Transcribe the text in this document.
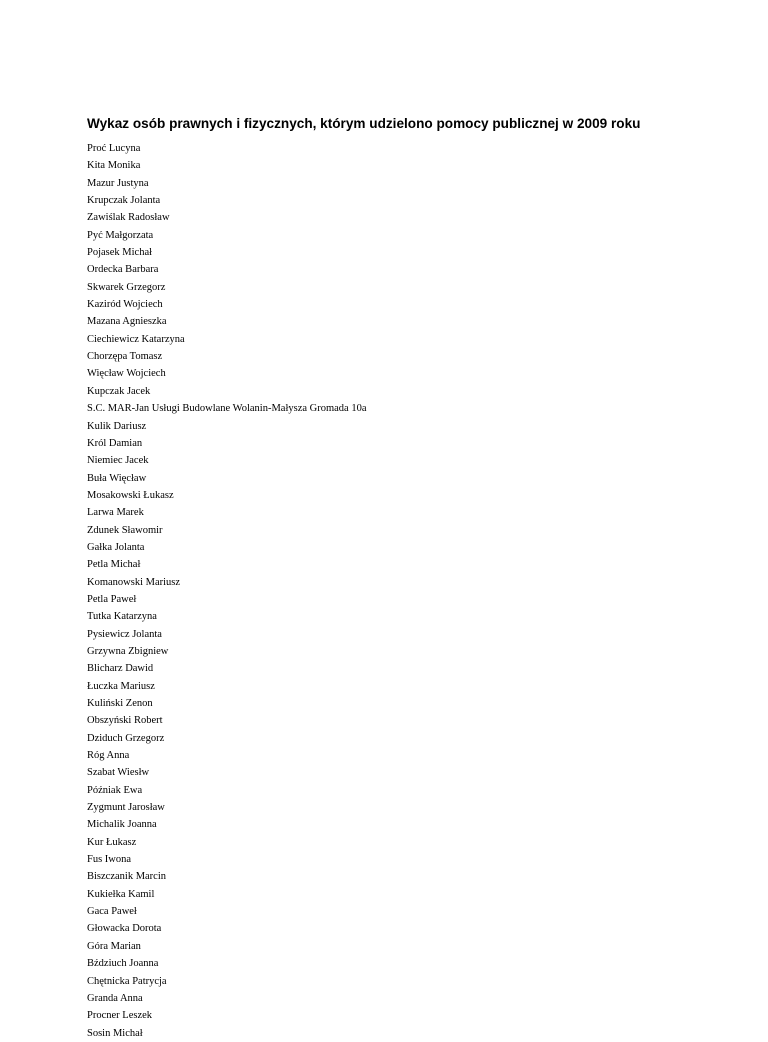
Wykaz osób prawnych i fizycznych, którym udzielono pomocy publicznej w 2009 roku
Proć Lucyna
Kita Monika
Mazur Justyna
Krupczak Jolanta
Zawiślak Radosław
Pyć Małgorzata
Pojasek Michał
Ordecka Barbara
Skwarek Grzegorz
Kaziród Wojciech
Mazana Agnieszka
Ciechiewicz Katarzyna
Chorzępa Tomasz
Więcław Wojciech
Kupczak Jacek
S.C. MAR-Jan Usługi Budowlane Wolanin-Małysza Gromada 10a
Kulik Dariusz
Król Damian
Niemiec Jacek
Buła Więcław
Mosakowski Łukasz
Larwa Marek
Zdunek Sławomir
Gałka Jolanta
Petla Michał
Komanowski Mariusz
Petla Paweł
Tutka Katarzyna
Pysiewicz Jolanta
Grzywna Zbigniew
Blicharz Dawid
Łuczka Mariusz
Kuliński Zenon
Obszyński Robert
Dziduch Grzegorz
Róg Anna
Szabat Wiesłw
Późniak Ewa
Zygmunt Jarosław
Michalik Joanna
Kur Łukasz
Fus Iwona
Biszczanik Marcin
Kukiełka Kamil
Gaca Paweł
Głowacka Dorota
Góra Marian
Bździuch Joanna
Chętnicka Patrycja
Granda Anna
Procner Leszek
Sosin Michał
